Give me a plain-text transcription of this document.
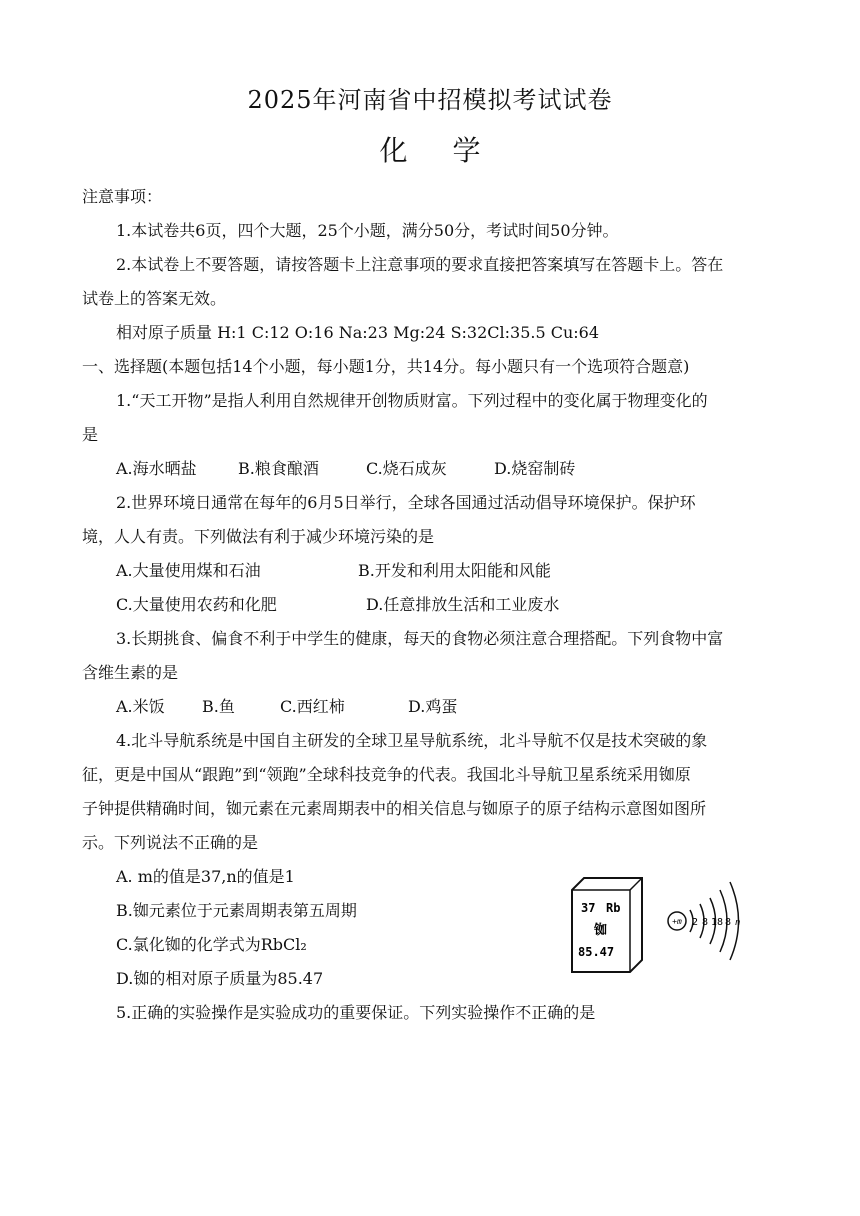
2025年河南省中招模拟考试试卷
化 学
注意事项：
1.本试卷共6页，四个大题，25个小题，满分50分，考试时间50分钟。
2.本试卷上不要答题，请按答题卡上注意事项的要求直接把答案填写在答题卡上。答在
试卷上的答案无效。
相对原子质量 H:1 C:12 O:16 Na:23 Mg:24 S:32Cl:35.5 Cu:64
一、选择题(本题包括14个小题，每小题1分，共14分。每小题只有一个选项符合题意)
1.“天工开物”是指人利用自然规律开创物质财富。下列过程中的变化属于物理变化的
是
A.海水晒盐	B.粮食酿酒	C.烧石成灰	D.烧窑制砖
2.世界环境日通常在每年的6月5日举行，全球各国通过活动倡导环境保护。保护环
境，人人有责。下列做法有利于减少环境污染的是
A.大量使用煤和石油	B.开发和利用太阳能和风能
C.大量使用农药和化肥	D.任意排放生活和工业废水
3.长期挑食、偏食不利于中学生的健康，每天的食物必须注意合理搭配。下列食物中富
含维生素的是
A.米饭 B.鱼	C.西红柿	D.鸡蛋
4.北斗导航系统是中国自主研发的全球卫星导航系统，北斗导航不仅是技术突破的象
征，更是中国从“跟跑”到“领跑”全球科技竞争的代表。我国北斗导航卫星系统采用铷原
子钟提供精确时间，铷元素在元素周期表中的相关信息与铷原子的原子结构示意图如图所
示。下列说法不正确的是
A. m的值是37,n的值是1
B.铷元素位于元素周期表第五周期
C.氯化铷的化学式为RbCl₂
D.铷的相对原子质量为85.47
37 Rb
铷
85.47
+m 2 8 18 8 n
5.正确的实验操作是实验成功的重要保证。下列实验操作不正确的是
